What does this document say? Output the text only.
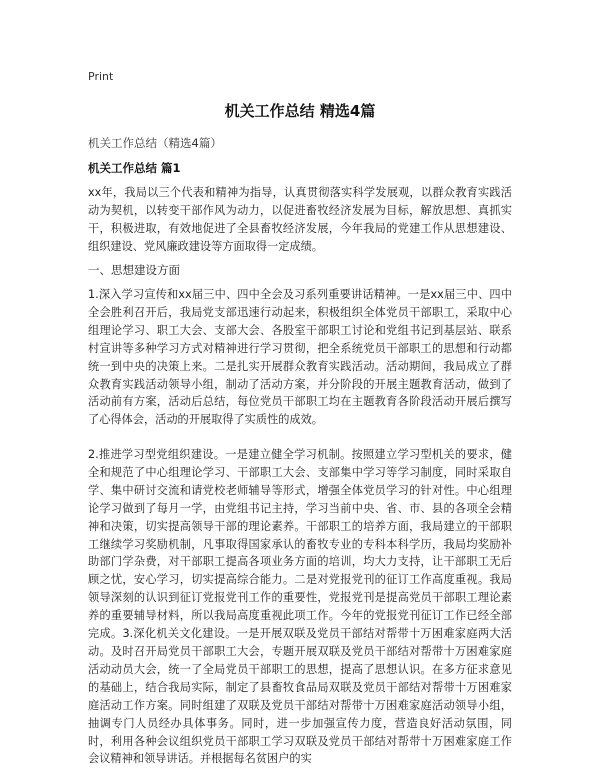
Print
机关工作总结 精选4篇
机关工作总结（精选4篇）
机关工作总结 篇1

xx年，我局以三个代表和精神为指导，认真贯彻落实科学发展观，以群众教育实践活动为契机，以转变干部作风为动力，以促进畜牧经济发展为目标，解放思想、真抓实干，积极进取，有效地促进了全县畜牧经济发展，今年我局的党建工作从思想建设、组织建设、党风廉政建设等方面取得一定成绩。

一、思想建设方面

1.深入学习宣传和xx届三中、四中全会及习系列重要讲话精神。一是xx届三中、四中全会胜利召开后，我局党支部迅速行动起来，积极组织全体党员干部职工，采取中心组理论学习、职工大会、支部大会、各股室干部职工讨论和党组书记到基层站、联系村宣讲等多种学习方式对精神进行学习贯彻，把全系统党员干部职工的思想和行动都统一到中央的决策上来。二是扎实开展群众教育实践活动。活动期间，我局成立了群众教育实践活动领导小组，制动了活动方案，并分阶段的开展主题教育活动，做到了活动前有方案，活动后总结，每位党员干部职工均在主题教育各阶段活动开展后撰写了心得体会，活动的开展取得了实质性的成效。

2.推进学习型党组织建设。一是建立健全学习机制。按照建立学习型机关的要求，健全和规范了中心组理论学习、干部职工大会、支部集中学习等学习制度，同时采取自学、集中研讨交流和请党校老师辅导等形式，增强全体党员学习的针对性。中心组理论学习做到了每月一学，由党组书记主持，学习当前中央、省、市、县的各项全会精神和决策，切实提高领导干部的理论素养。干部职工的培养方面，我局建立的干部职工继续学习奖励机制，凡事取得国家承认的畜牧专业的专科本科学历，我局均奖励补助部门学杂费，对干部职工提高各项业务方面的培训，均大力支持，让干部职工无后顾之忧，安心学习，切实提高综合能力。二是对党报党刊的征订工作高度重视。我局领导深刻的认识到征订党报党刊工作的重要性，党报党刊是提高党员干部职工理论素养的重要辅导材料，所以我局高度重视此项工作。今年的党报党刊征订工作已经全部完成。3.深化机关文化建设。一是开展双联及党员干部结对帮带十万困难家庭两大活动。及时召开局党员干部职工大会，专题开展双联及党员干部结对帮带十万困难家庭活动动员大会，统一了全局党员干部职工的思想，提高了思想认识。在多方征求意见的基础上，结合我局实际，制定了县畜牧食品局双联及党员干部结对帮带十万困难家庭活动工作方案。同时组建了双联及党员干部结对帮带十万困难家庭活动领导小组，抽调专门人员经办具体事务。同时，进一步加强宣传力度，营造良好活动氛围，同时，利用各种会议组织党员干部职工学习双联及党员干部结对帮带十万困难家庭工作会议精神和领导讲话。并根据每名贫困户的实
